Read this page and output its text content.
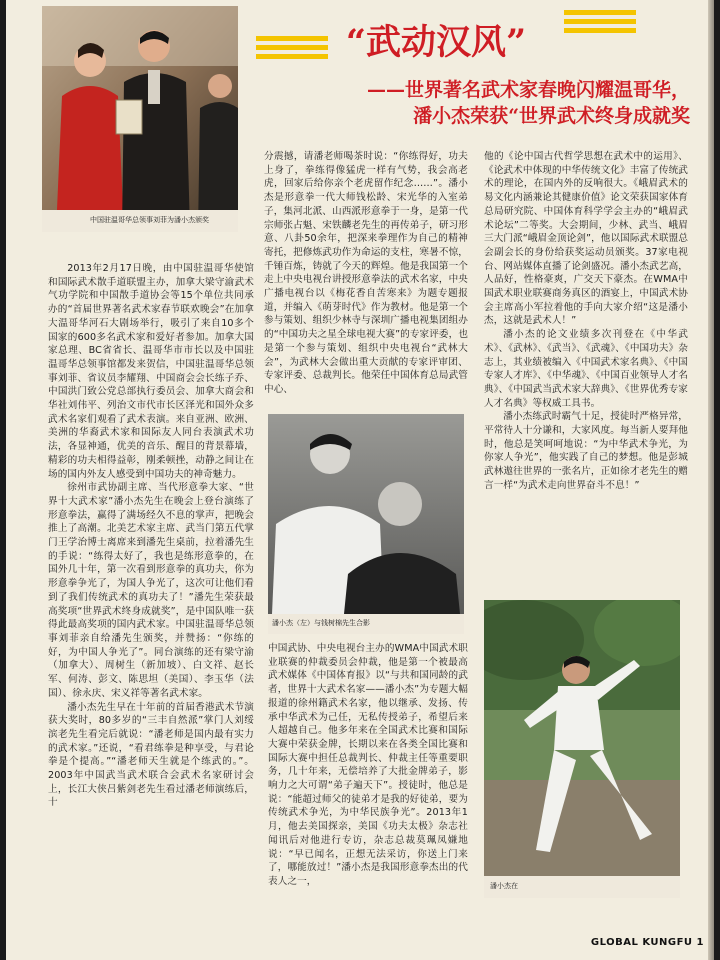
中国驻温哥华总领事刘菲为潘小杰颁奖
潘小杰（左）与钱树棉先生合影
潘小杰在
“武动汉风”
——世界著名武术家春晚闪耀温哥华，
潘小杰荣获“世界武术终身成就奖

2013年2月17日晚，由中国驻温哥华使馆和国际武术散手道联盟主办，加拿大梁守渝武术气功学院和中国散手道协会等15个单位共同承办的“首届世界著名武术家春节联欢晚会”在加拿大温哥华河石大剧场举行，吸引了来自10多个国家的600多名武术家和爱好者参加。加拿大国家总理、BC省省长、温哥华市市长以及中国驻温哥华总领事馆都发来贺信，中国驻温哥华总领事刘菲、省议员李耀翔、中国商会会长练子乔、中国洪门致公党总部执行委员会、加拿大商会和华社刘伟平、列治文市代市长区泽光和国外众多武术名家们观看了武术表演。来自亚洲、欧洲、美洲的华裔武术家和国际友人同台表演武术功法，各显神通，优美的音乐、醒目的背景幕墙，精彩的功夫相得益彰，刚柔顿挫，动静之间让在场的国内外友人感受到中国功夫的神奇魅力。

徐州市武协副主席、当代形意拳大家、“世界十大武术家”潘小杰先生在晚会上登台演练了形意拳法，赢得了满场经久不息的掌声，把晚会推上了高潮。北美艺术家主席、武当门第五代掌门王学治博士离席来到潘先生桌前，拉着潘先生的手说：“练得太好了，我也是练形意拳的，在国外几十年，第一次看到形意拳的真功夫，你为形意拳争光了，为国人争光了，这次可让他们看到了我们传统武术的真功夫了！”潘先生荣获最高奖项“世界武术终身成就奖”，是中国队唯一获得此最高奖项的国内武术家。中国驻温哥华总领事刘菲亲自给潘先生颁奖，并赞扬：“你练的好，为中国人争光了”。同台演练的还有梁守渝（加拿大）、周树生（新加坡）、白文祥、赵长军、何涛、彭文、陈思坦（美国）、李玉华（法国）、徐永庆、宋义祥等著名武术家。

潘小杰先生早在十年前的首届香港武术节演获大奖时，80多岁的“三丰自然派”掌门人刘绥滨老先生看完后就说：“潘老师是国内最有实力的武术家。”还说，“看君练拳是种享受，与君论拳是个提高。”“潘老师天生就是个练武的。”。2003年中国武当武术联合会武术名家研讨会上，长江大侠吕紫剑老先生看过潘老师演练后，十

分震撼，请潘老师喝茶时说：“你练得好，功夫上身了，拳练得像猛虎一样有气势，我会高老虎，回家后给你亲个老虎留作纪念……”。潘小杰是形意拳一代大师钱松龄、宋光华的入室弟子，集河北派、山西派形意拳于一身，是第一代宗师张占魁、宋铁麟老先生的再传弟子，研习形意、八卦50余年，把深来拳理作为自己的精神寄托，把修炼武功作为命运的支柱，寒暑不惊，千锤百炼，铸就了今天的辉煌。他是我国第一个走上中央电视台讲授形意拳法的武术名家，中央广播电视台以《梅花香自苦寒来》为题专题报道，并编入《萌芽时代》作为教材。他是第一个参与策划、组织少林寺与深圳广播电视集团组办的“中国功夫之星全球电视大赛”的专家评委，也是第一个参与策划、组织中央电视台“武林大会”，为武林大会做出重大贡献的专家评审团、专家评委、总裁判长。他荣任中国体育总局武管中心、

他的《论中国古代哲学思想在武术中的运用》、《论武术中体现的中华传统文化》丰富了传统武术的理论，在国内外的反响很大。《峨眉武术的易文化内涵兼论其健康价值》论文荣获国家体育总局研究院、中国体育科学学会主办的“峨眉武术论坛”二等奖。大会期间，少林、武当、峨眉三大门派“峨眉金顶论剑”，他以国际武术联盟总会副会长的身份给获奖运动员颁奖。37家电视台、网站媒体直播了论剑盛况。潘小杰武艺高，人品好，性格豪爽，广交天下豪杰。在WMA中国武术职业联赛商务真区的酒宴上，中国武术协会主席高小军拉着他的手向大家介绍“这是潘小杰，这就是武术人！”

潘小杰的论文业绩多次刊登在《中华武术》、《武林》、《武当》、《武魂》、《中国功夫》杂志上，其业绩被编入《中国武术家名典》、《中国专家人才库》、《中华魂》、《中国百业领导人才名典》、《中国武当武术家大辞典》、《世界优秀专家人才名典》等权威工具书。

潘小杰练武时霸气十足，授徒时严格异常，平常待人十分谦和，大家风度。每当新人要拜他时，他总是笑呵呵地说：“为中华武术争光，为你家人争光”，他实践了自己的梦想。他是彭城武林遨往世界的一张名片，正如徐才老先生的赠言一样“为武术走向世界奋斗不息！”

中国武协、中央电视台主办的WMA中国武术职业联赛的仲裁委员会仲裁，他是第一个被最高武术媒体《中国体育报》以“与共和国同龄的武者，世界十大武术名家——潘小杰”为专题大幅报道的徐州籍武术名家，他以继承、发扬、传承中华武术为己任，无私传授弟子，希望后来人超越自己。他多年来在全国武术比赛和国际大赛中荣获金牌，长期以来在各类全国比赛和国际大赛中担任总裁判长、仲裁主任等重要职务，几十年来，无偿培养了大批金牌弟子，影响力之大可谓“弟子遍天下”。授徒时，他总是说：“能超过师父的徒弟才是我的好徒弟，要为传统武术争光，为中华民族争光”。2013年1月，他去美国探亲，美国《功夫太极》杂志社闻讯后对他进行专访，杂志总裁莫珮凤嫌地说：“早已闻名，正想无法采访，你送上门来了，哪能放过！”潘小杰是我国形意拳杰出的代表人之一，

GLOBAL KUNGFU 1
